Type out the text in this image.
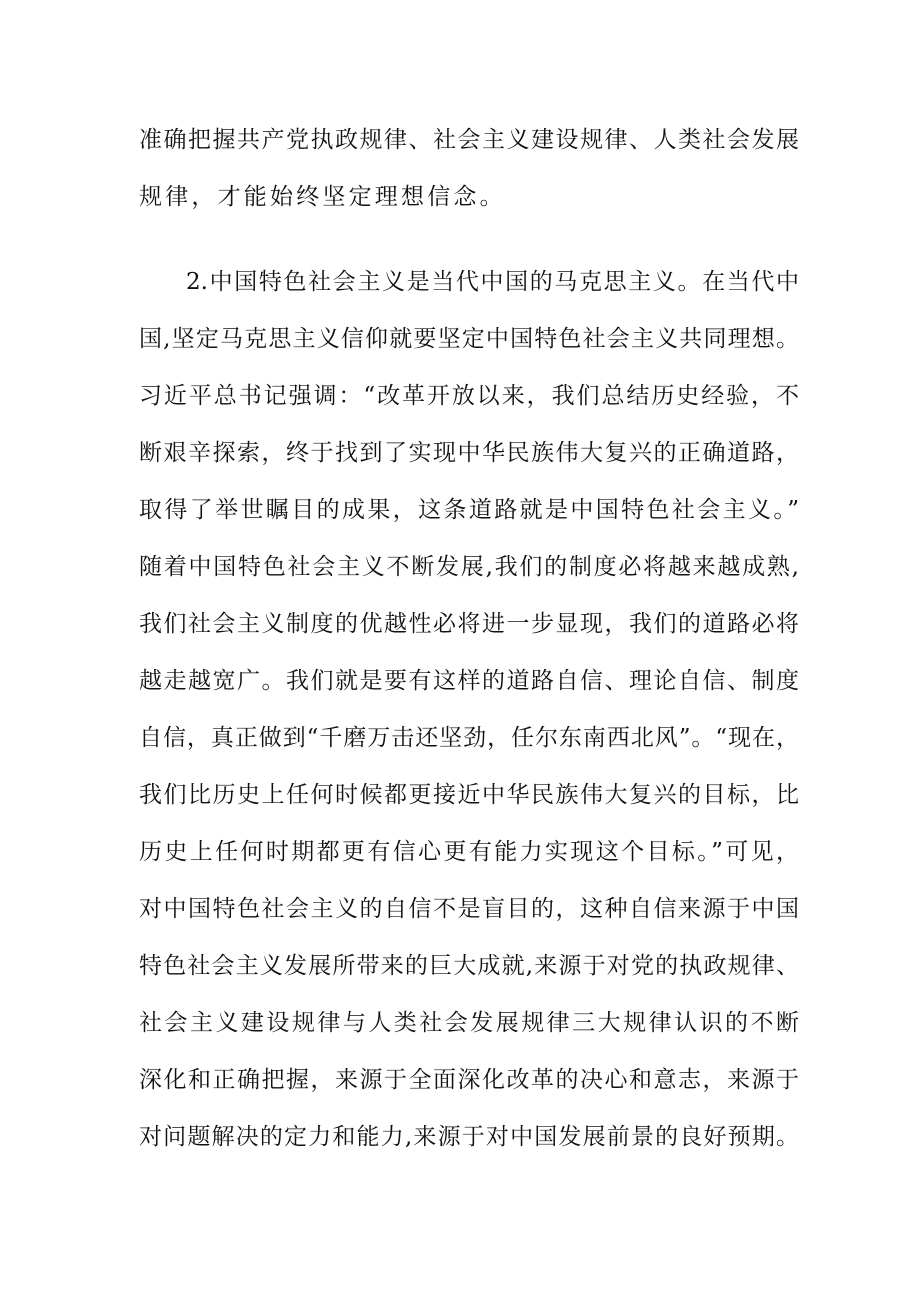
准确把握共产党执政规律、社会主义建设规律、人类社会发展
规律，才能始终坚定理想信念。
2.中国特色社会主义是当代中国的马克思主义。在当代中
国,坚定马克思主义信仰就要坚定中国特色社会主义共同理想。
习近平总书记强调：“改革开放以来，我们总结历史经验，不
断艰辛探索，终于找到了实现中华民族伟大复兴的正确道路，
取得了举世瞩目的成果，这条道路就是中国特色社会主义。”
随着中国特色社会主义不断发展,我们的制度必将越来越成熟,
我们社会主义制度的优越性必将进一步显现，我们的道路必将
越走越宽广。我们就是要有这样的道路自信、理论自信、制度
自信，真正做到“千磨万击还坚劲，任尔东南西北风”。“现在，
我们比历史上任何时候都更接近中华民族伟大复兴的目标，比
历史上任何时期都更有信心更有能力实现这个目标。”可见，
对中国特色社会主义的自信不是盲目的，这种自信来源于中国
特色社会主义发展所带来的巨大成就,来源于对党的执政规律、
社会主义建设规律与人类社会发展规律三大规律认识的不断
深化和正确把握，来源于全面深化改革的决心和意志，来源于
对问题解决的定力和能力,来源于对中国发展前景的良好预期。
